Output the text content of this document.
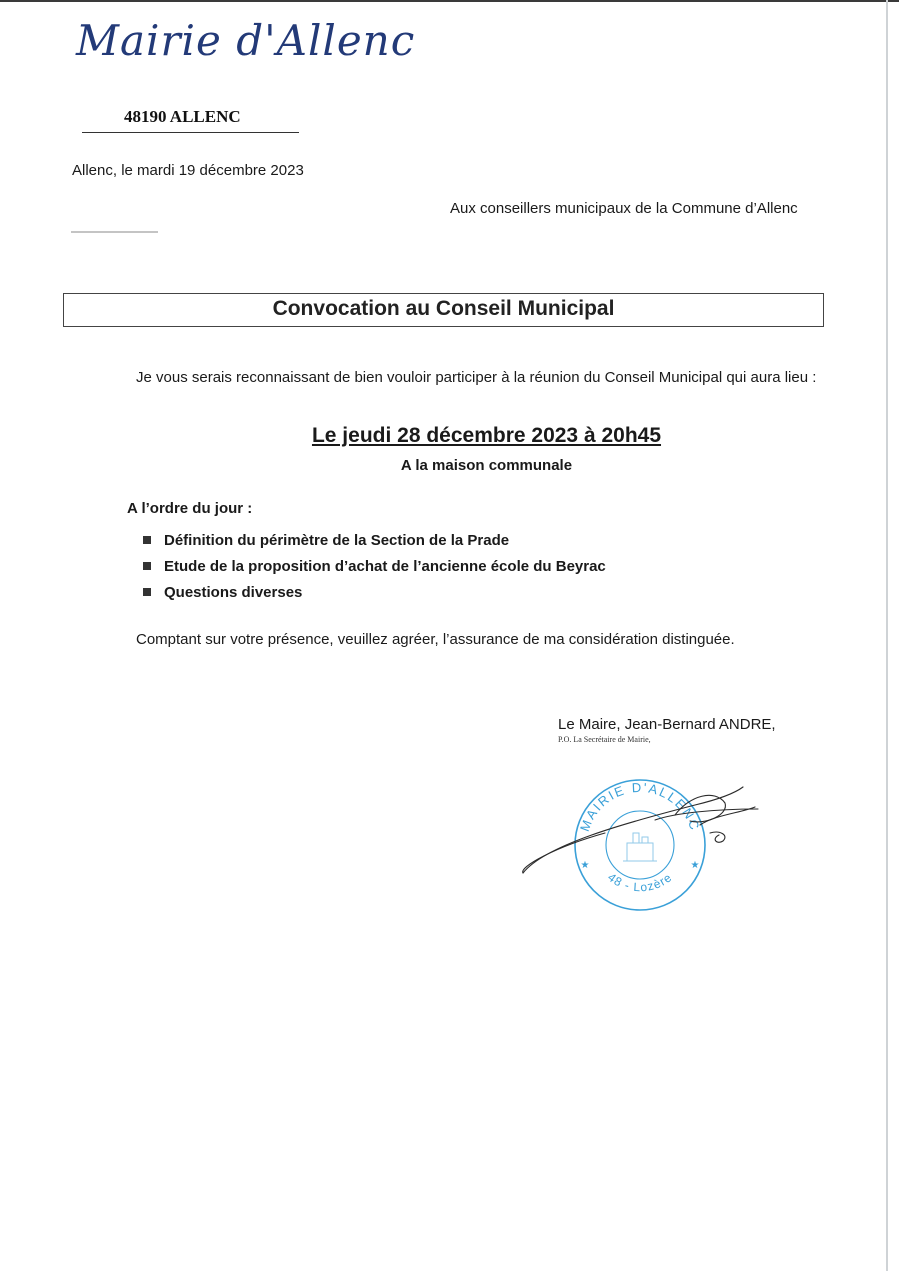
Mairie d'Allenc
48190 ALLENC
Allenc, le mardi 19 décembre 2023
Aux conseillers municipaux de la Commune d’Allenc
Convocation au Conseil Municipal
Je vous serais reconnaissant de bien vouloir participer à la réunion du Conseil Municipal qui aura lieu :
Le jeudi 28 décembre 2023 à 20h45
A la maison communale
A l’ordre du jour :
Définition du périmètre de la Section de la Prade
Etude de la proposition d’achat de l’ancienne école du Beyrac
Questions diverses
Comptant sur votre présence, veuillez agréer, l’assurance de ma considération distinguée.
Le Maire, Jean-Bernard ANDRE,
P.O. La Secrétaire de Mairie,
MAIRIE D'ALLENC
48 - Lozère
★	★
